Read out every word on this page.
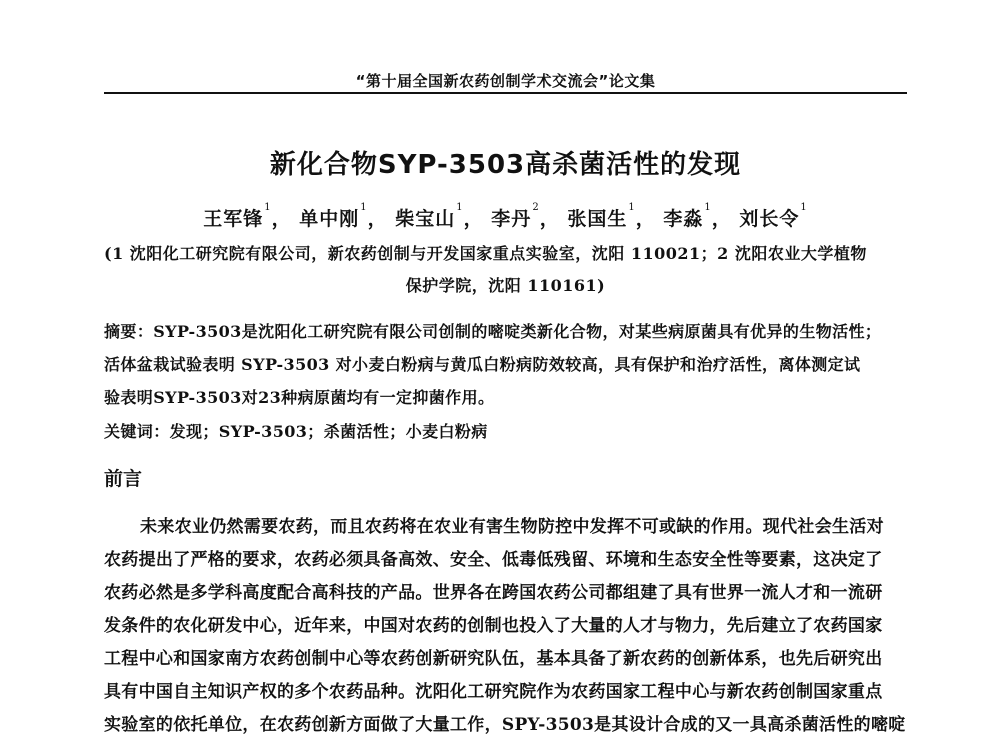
“第十届全国新农药创制学术交流会”论文集
新化合物SYP-3503高杀菌活性的发现
王军锋$^1$， 单中刚$^1$， 柴宝山$^1$， 李丹$^2$， 张国生$^1$， 李淼$^1$， 刘长令$^1$
(1 沈阳化工研究院有限公司，新农药创制与开发国家重点实验室，沈阳 110021；2 沈阳农业大学植物
保护学院，沈阳 110161)
摘要：SYP-3503是沈阳化工研究院有限公司创制的嘧啶类新化合物，对某些病原菌具有优异的生物活性；
活体盆栽试验表明 SYP-3503 对小麦白粉病与黄瓜白粉病防效较高，具有保护和治疗活性，离体测定试
验表明SYP-3503对23种病原菌均有一定抑菌作用。
关键词：发现；SYP-3503；杀菌活性；小麦白粉病
前言
未来农业仍然需要农药，而且农药将在农业有害生物防控中发挥不可或缺的作用。现代社会生活对
农药提出了严格的要求，农药必须具备高效、安全、低毒低残留、环境和生态安全性等要素，这决定了
农药必然是多学科高度配合高科技的产品。世界各在跨国农药公司都组建了具有世界一流人才和一流研
发条件的农化研发中心，近年来，中国对农药的创制也投入了大量的人才与物力，先后建立了农药国家
工程中心和国家南方农药创制中心等农药创新研究队伍，基本具备了新农药的创新体系，也先后研究出
具有中国自主知识产权的多个农药品种。沈阳化工研究院作为农药国家工程中心与新农药创制国家重点
实验室的依托单位，在农药创新方面做了大量工作，SPY-3503是其设计合成的又一具高杀菌活性的嘧啶
